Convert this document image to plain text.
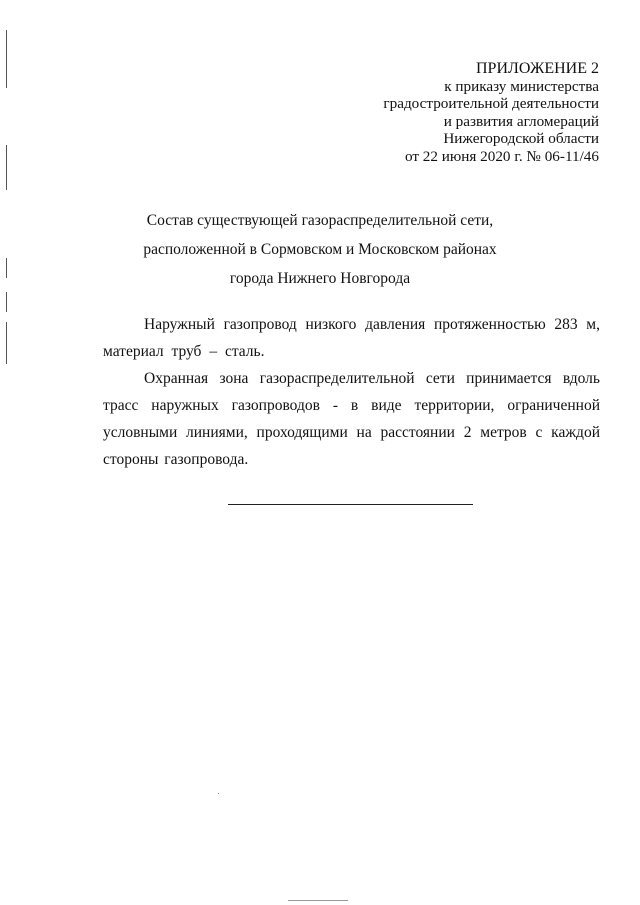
ПРИЛОЖЕНИЕ 2
к приказу министерства
градостроительной деятельности
и развития агломераций
Нижегородской области
от 22 июня 2020 г. № 06-11/46
Состав существующей газораспределительной сети,
расположенной в Сормовском и Московском районах
города Нижнего Новгорода

Наружный газопровод низкого давления протяженностью 283 м, материал труб – сталь.

Охранная зона газораспределительной сети принимается вдоль трасс наружных газопроводов - в виде территории, ограниченной условными линиями, проходящими на расстоянии 2 метров с каждой стороны газопровода.
